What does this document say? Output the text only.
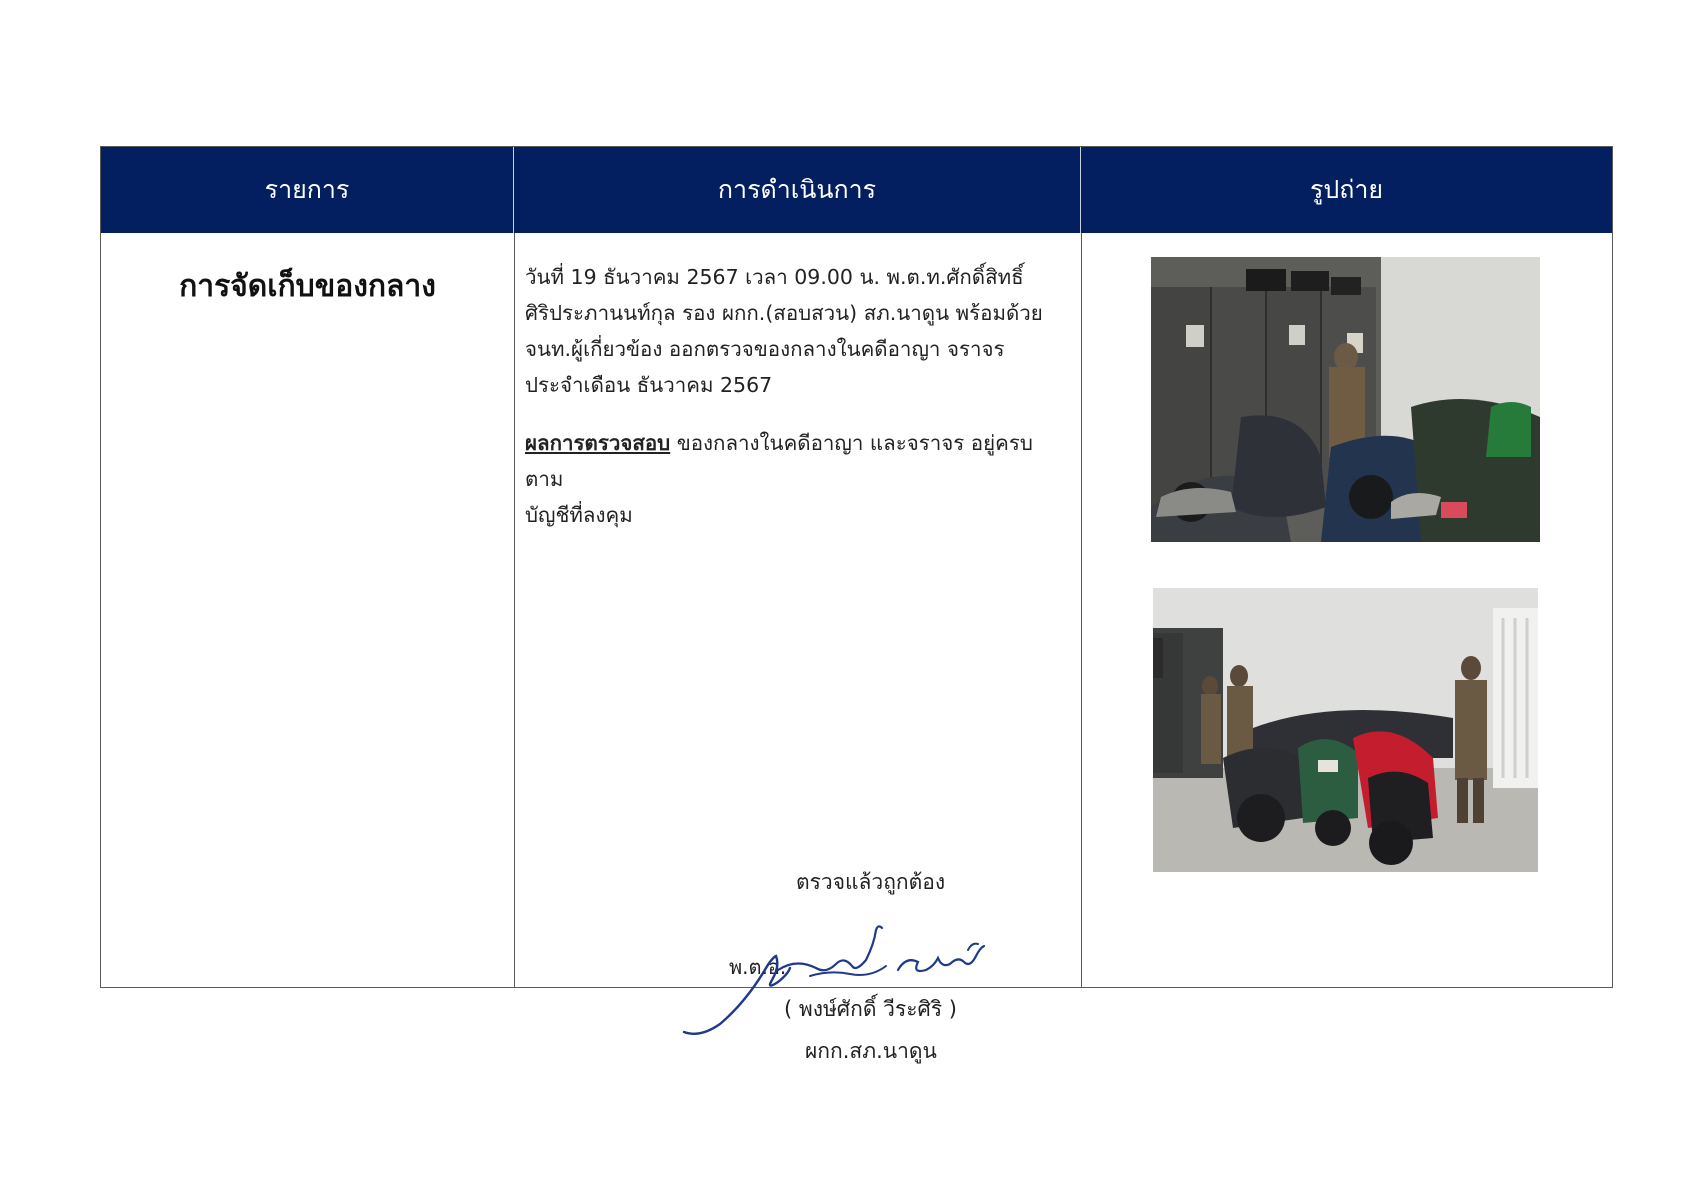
รายการ	การดำเนินการ	รูปถ่าย
การจัดเก็บของกลาง	วันที่ 19 ธันวาคม 2567 เวลา 09.00 น. พ.ต.ท.ศักดิ์สิทธิ์

ศิริประภานนท์กุล รอง ผกก.(สอบสวน) สภ.นาดูน พร้อมด้วย

จนท.ผู้เกี่ยวข้อง ออกตรวจของกลางในคดีอาญา จราจร

ประจำเดือน ธันวาคม 2567

ผลการตรวจสอบ ของกลางในคดีอาญา และจราจร อยู่ครบตาม

บัญชีที่ลงคุม

ตรวจแล้วถูกต้อง
พ.ต.อ.
( พงษ์ศักดิ์ วีระศิริ )
ผกก.สภ.นาดูน
